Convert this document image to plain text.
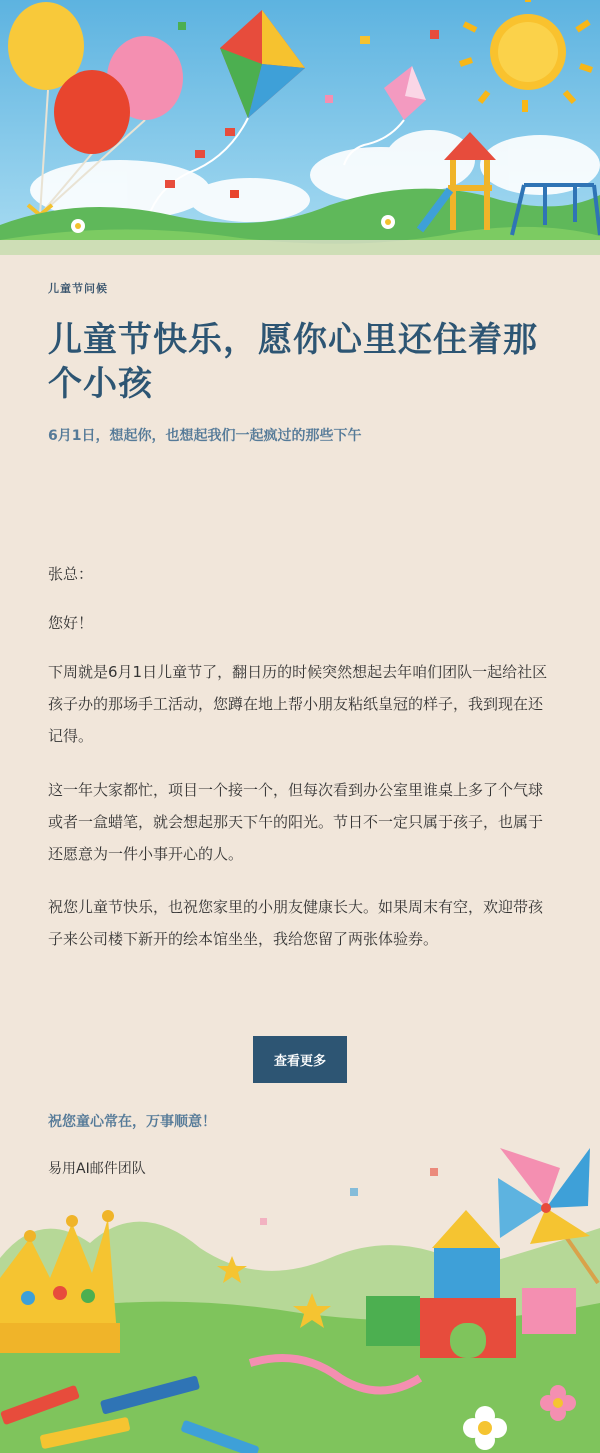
儿童节问候
儿童节快乐，愿你心里还住着那个小孩
6月1日，想起你，也想起我们一起疯过的那些下午
张总：
您好！

下周就是6月1日儿童节了，翻日历的时候突然想起去年咱们团队一起给社区孩子办的那场手工活动，您蹲在地上帮小朋友粘纸皇冠的样子，我到现在还记得。

这一年大家都忙，项目一个接一个，但每次看到办公室里谁桌上多了个气球或者一盒蜡笔，就会想起那天下午的阳光。节日不一定只属于孩子，也属于还愿意为一件小事开心的人。

祝您儿童节快乐，也祝您家里的小朋友健康长大。如果周末有空，欢迎带孩子来公司楼下新开的绘本馆坐坐，我给您留了两张体验券。

查看更多
祝您童心常在，万事顺意！
易用AI邮件团队
